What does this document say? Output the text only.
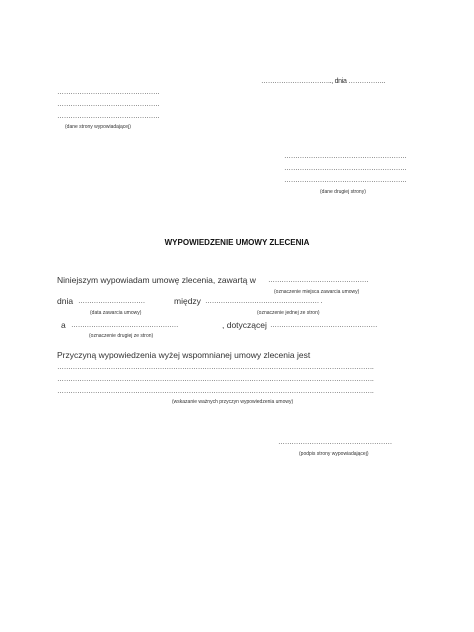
………………………….., dnia ……………..
……………………………………….
……………………………………….
……………………………………….
(dane strony wypowiadającej)
……………………………………………….
……………………………………………….
……………………………………………….
(dane drugiej strony)
WYPOWIEDZENIE UMOWY ZLECENIA
Niniejszym wypowiadam umowę zlecenia, zawartą w ………………………………………
(oznaczenie miejsca zawarcia umowy)
dnia …………………………	między …………………………………………… .
(data zawarcia umowy)	(oznaczenie jednej ze stron)
a …………………………………………	, dotyczącej …………………………………………
(oznaczenie drugiej ze stron)
Przyczyną wypowiedzenia wyżej wspomnianej umowy zlecenia jest
…………………………………………………………………………………………………………………………….
…………………………………………………………………………………………………………………………….
…………………………………………………………………………………………………………………………….
(wskazanie ważnych przyczyn wypowiedzenia umowy)
……………………………………………
(podpis strony wypowiadającej)
